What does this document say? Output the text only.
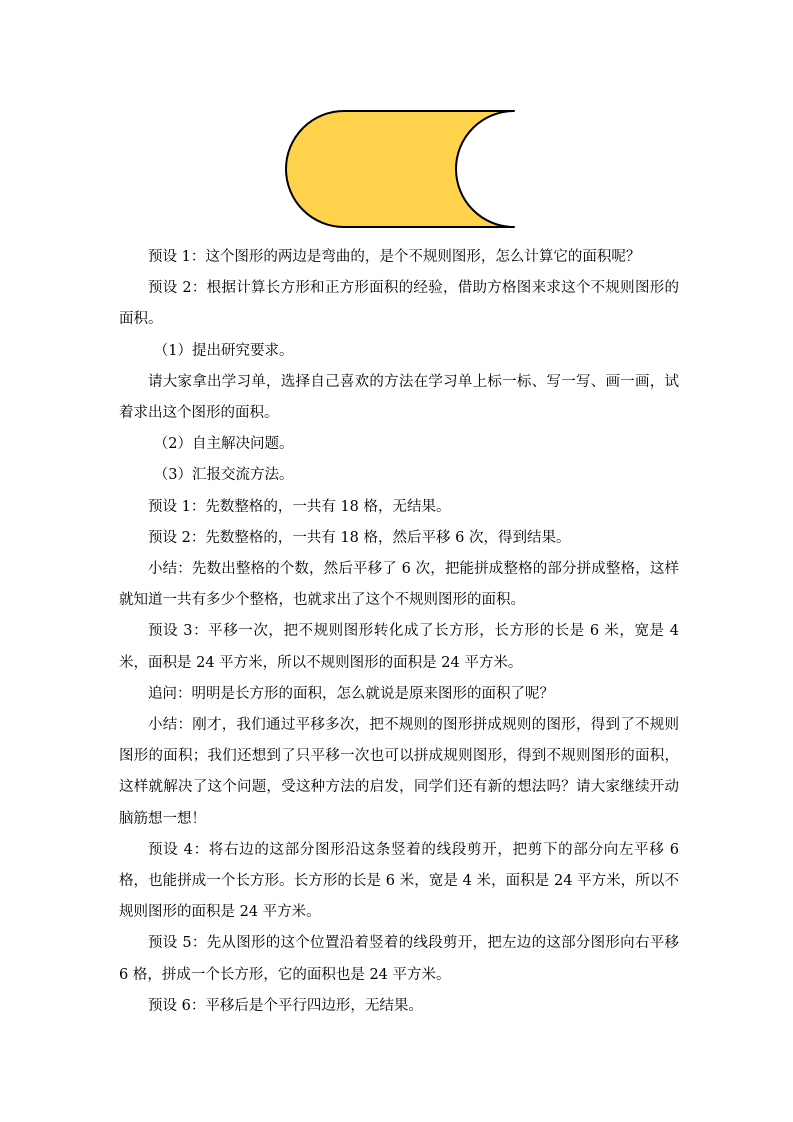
预设 1：这个图形的两边是弯曲的，是个不规则图形，怎么计算它的面积呢？

预设 2：根据计算长方形和正方形面积的经验，借助方格图来求这个不规则图形的面积。

（1）提出研究要求。

请大家拿出学习单，选择自己喜欢的方法在学习单上标一标、写一写、画一画，试着求出这个图形的面积。

（2）自主解决问题。

（3）汇报交流方法。

预设 1：先数整格的，一共有 18 格，无结果。

预设 2：先数整格的，一共有 18 格，然后平移 6 次，得到结果。

小结：先数出整格的个数，然后平移了 6 次，把能拼成整格的部分拼成整格，这样就知道一共有多少个整格，也就求出了这个不规则图形的面积。

预设 3：平移一次，把不规则图形转化成了长方形，长方形的长是 6 米，宽是 4 米，面积是 24 平方米，所以不规则图形的面积是 24 平方米。

追问：明明是长方形的面积，怎么就说是原来图形的面积了呢？

小结：刚才，我们通过平移多次，把不规则的图形拼成规则的图形，得到了不规则图形的面积；我们还想到了只平移一次也可以拼成规则图形，得到不规则图形的面积，这样就解决了这个问题，受这种方法的启发，同学们还有新的想法吗？请大家继续开动脑筋想一想！

预设 4：将右边的这部分图形沿这条竖着的线段剪开，把剪下的部分向左平移 6 格，也能拼成一个长方形。长方形的长是 6 米，宽是 4 米，面积是 24 平方米，所以不规则图形的面积是 24 平方米。

预设 5：先从图形的这个位置沿着竖着的线段剪开，把左边的这部分图形向右平移 6 格，拼成一个长方形，它的面积也是 24 平方米。

预设 6：平移后是个平行四边形，无结果。
